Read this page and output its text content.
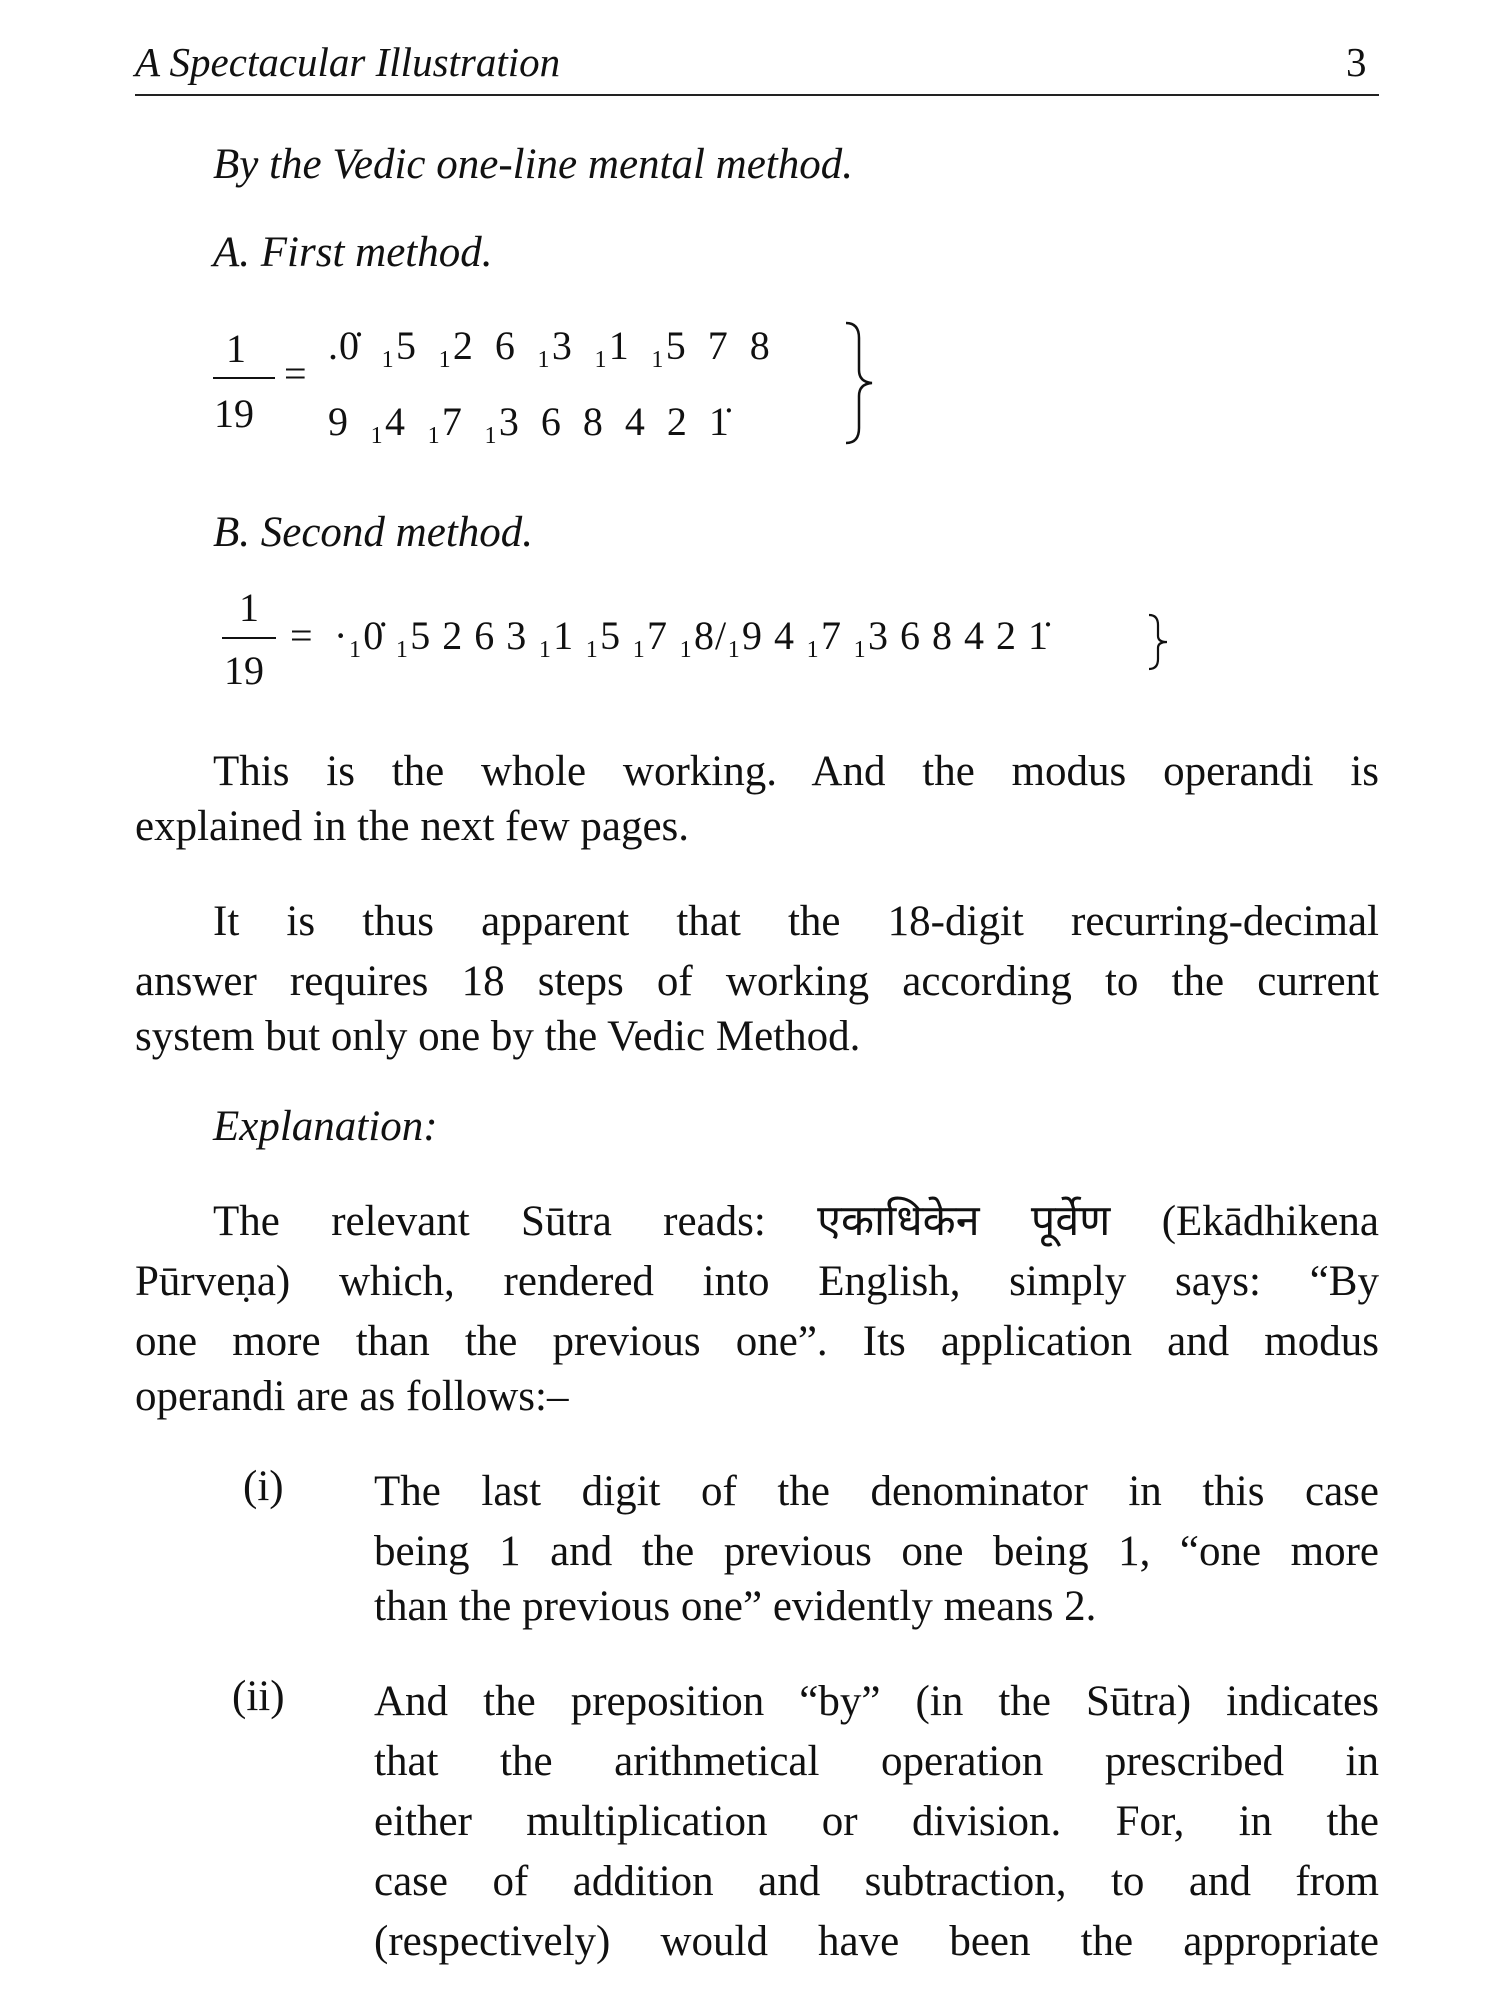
A Spectacular Illustration	3
By the Vedic one-line mental method.
A. First method.
1
19
=
.0̇ ₁5 ₁2 6 ₁3 ₁1 ₁5 7 8
9 ₁4 ₁7 ₁3 6 8 4 2 1̇
B. Second method.
1
19
= ·₁0̇ ₁5 2 6 3 ₁1 ₁5 ₁7 ₁8/₁9 4 ₁7 ₁3 6 8 4 2 1̇
This is the whole working. And the modus operandi is
explained in the next few pages.
It is thus apparent that the 18-digit recurring-decimal
answer requires 18 steps of working according to the current
system but only one by the Vedic Method.
Explanation:
The relevant Sūtra reads: एकाधिकेन पूर्वेण (Ekādhikena
Pūrveṇa) which, rendered into English, simply says: “By
one more than the previous one”. Its application and modus
operandi are as follows:–
(i) The last digit of the denominator in this case
being 1 and the previous one being 1, “one more
than the previous one” evidently means 2.
(ii) And the preposition “by” (in the Sūtra) indicates
that the arithmetical operation prescribed in
either multiplication or division. For, in the
case of addition and subtraction, to and from
(respectively) would have been the appropriate
